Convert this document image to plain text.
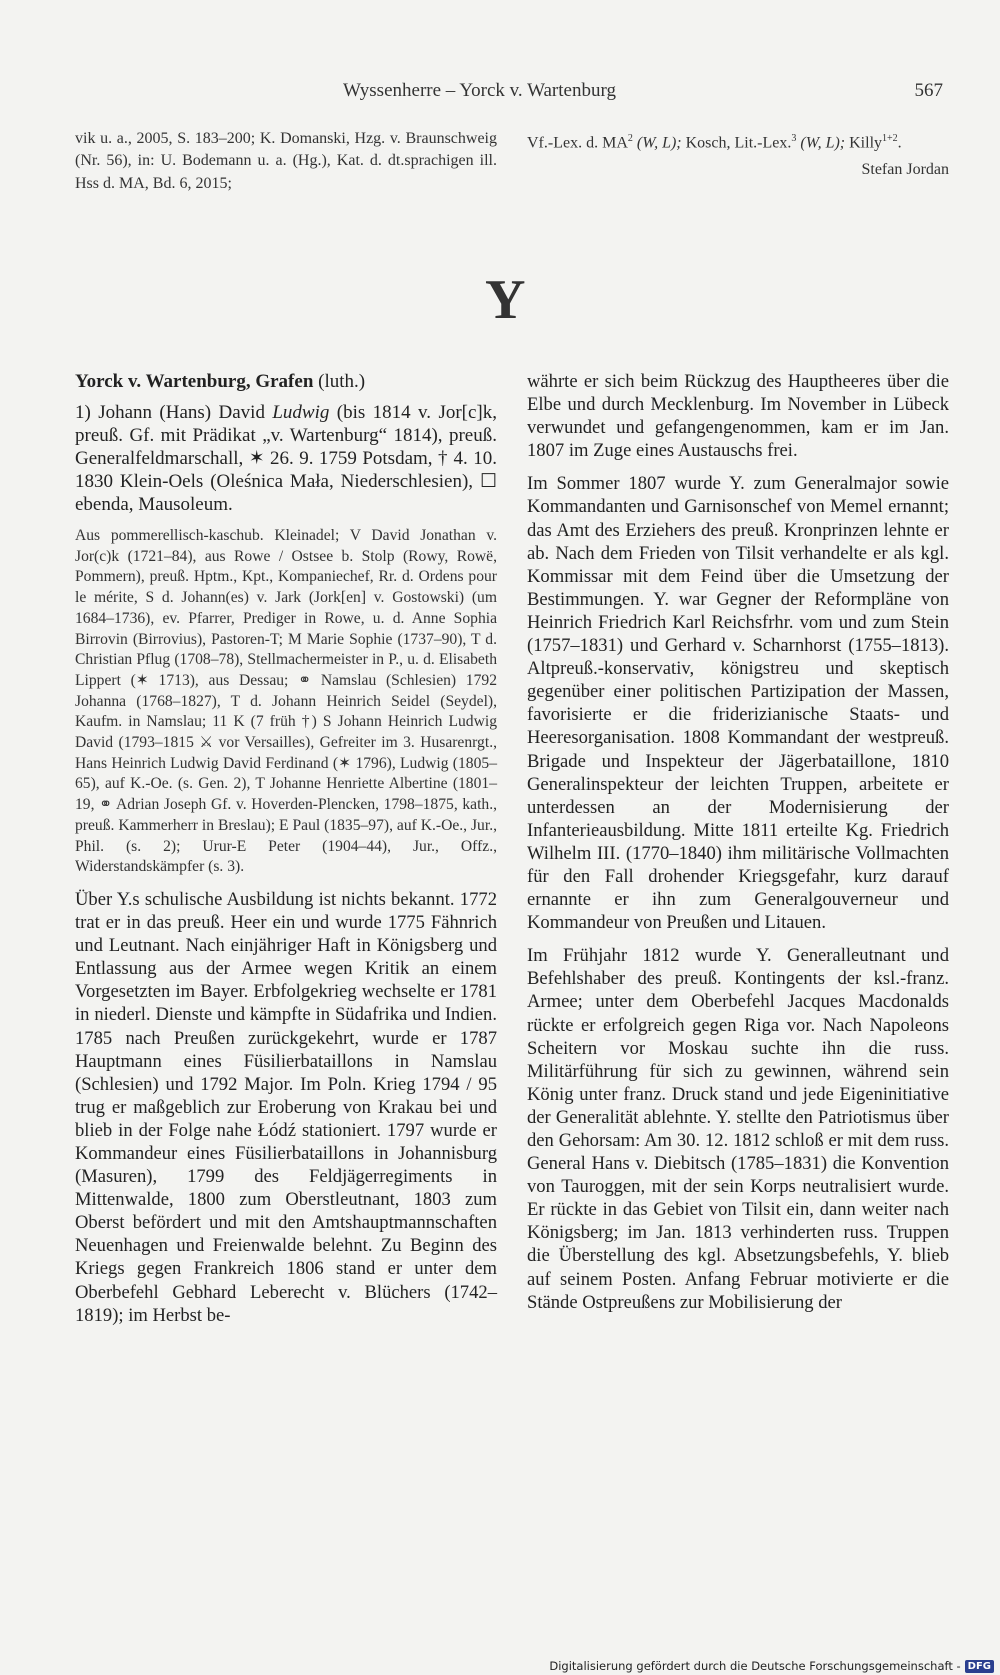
Wyssenherre – Yorck v. Wartenburg	567
vik u. a., 2005, S. 183–200; K. Domanski, Hzg. v. Braunschweig (Nr. 56), in: U. Bodemann u. a. (Hg.), Kat. d. dt.sprachigen ill. Hss d. MA, Bd. 6, 2015;
Vf.-Lex. d. $MA^2$ (W, L); Kosch, Lit.-Lex.$^3$ (W, L); Killy$^{1+2}$.
Stefan Jordan
Y
Yorck v. Wartenburg, Grafen (luth.)
1) Johann (Hans) David Ludwig (bis 1814 v. Jor[c]k, preuß. Gf. mit Prädikat „v. Wartenburg“ 1814), preuß. Generalfeldmarschall, ✶ 26. 9. 1759 Potsdam, † 4. 10. 1830 Klein-Oels (Oleśnica Mała, Niederschlesien), ☐ ebenda, Mausoleum.
Aus pommerellisch-kaschub. Kleinadel; V David Jonathan v. Jor(c)k (1721–84), aus Rowe / Ostsee b. Stolp (Rowy, Rowë, Pommern), preuß. Hptm., Kpt., Kompaniechef, Rr. d. Ordens pour le mérite, S d. Johann(es) v. Jark (Jork[en] v. Gostowski) (um 1684–1736), ev. Pfarrer, Prediger in Rowe, u. d. Anne Sophia Birrovin (Birrovius), Pastoren-T; M Marie Sophie (1737–90), T d. Christian Pflug (1708–78), Stellmachermeister in P., u. d. Elisabeth Lippert (✶ 1713), aus Dessau; ⚭ Namslau (Schlesien) 1792 Johanna (1768–1827), T d. Johann Heinrich Seidel (Seydel), Kaufm. in Namslau; 11 K (7 früh †) S Johann Heinrich Ludwig David (1793–1815 ⚔ vor Versailles), Gefreiter im 3. Husarenrgt., Hans Heinrich Ludwig David Ferdinand (✶ 1796), Ludwig (1805–65), auf K.-Oe. (s. Gen. 2), T Johanne Henriette Albertine (1801–19, ⚭ Adrian Joseph Gf. v. Hoverden-Plencken, 1798–1875, kath., preuß. Kammerherr in Breslau); E Paul (1835–97), auf K.-Oe., Jur., Phil. (s. 2); Urur-E Peter (1904–44), Jur., Offz., Widerstandskämpfer (s. 3).
Über Y.s schulische Ausbildung ist nichts bekannt. 1772 trat er in das preuß. Heer ein und wurde 1775 Fähnrich und Leutnant. Nach einjähriger Haft in Königsberg und Entlassung aus der Armee wegen Kritik an einem Vorgesetzten im Bayer. Erbfolgekrieg wechselte er 1781 in niederl. Dienste und kämpfte in Südafrika und Indien. 1785 nach Preußen zurückgekehrt, wurde er 1787 Hauptmann eines Füsilierbataillons in Namslau (Schlesien) und 1792 Major. Im Poln. Krieg 1794 / 95 trug er maßgeblich zur Eroberung von Krakau bei und blieb in der Folge nahe Łódź stationiert. 1797 wurde er Kommandeur eines Füsilierbataillons in Johannisburg (Masuren), 1799 des Feldjägerregiments in Mittenwalde, 1800 zum Oberstleutnant, 1803 zum Oberst befördert und mit den Amtshauptmannschaften Neuenhagen und Freienwalde belehnt. Zu Beginn des Kriegs gegen Frankreich 1806 stand er unter dem Oberbefehl Gebhard Leberecht v. Blüchers (1742–1819); im Herbst be-
währte er sich beim Rückzug des Hauptheeres über die Elbe und durch Mecklenburg. Im November in Lübeck verwundet und gefangengenommen, kam er im Jan. 1807 im Zuge eines Austauschs frei.
Im Sommer 1807 wurde Y. zum Generalmajor sowie Kommandanten und Garnisonschef von Memel ernannt; das Amt des Erziehers des preuß. Kronprinzen lehnte er ab. Nach dem Frieden von Tilsit verhandelte er als kgl. Kommissar mit dem Feind über die Umsetzung der Bestimmungen. Y. war Gegner der Reformpläne von Heinrich Friedrich Karl Reichsfrhr. vom und zum Stein (1757–1831) und Gerhard v. Scharnhorst (1755–1813). Altpreuß.-konservativ, königstreu und skeptisch gegenüber einer politischen Partizipation der Massen, favorisierte er die friderizianische Staats- und Heeresorganisation. 1808 Kommandant der westpreuß. Brigade und Inspekteur der Jägerbataillone, 1810 Generalinspekteur der leichten Truppen, arbeitete er unterdessen an der Modernisierung der Infanterieausbildung. Mitte 1811 erteilte Kg. Friedrich Wilhelm III. (1770–1840) ihm militärische Vollmachten für den Fall drohender Kriegsgefahr, kurz darauf ernannte er ihn zum Generalgouverneur und Kommandeur von Preußen und Litauen.
Im Frühjahr 1812 wurde Y. Generalleutnant und Befehlshaber des preuß. Kontingents der ksl.-franz. Armee; unter dem Oberbefehl Jacques Macdonalds rückte er erfolgreich gegen Riga vor. Nach Napoleons Scheitern vor Moskau suchte ihn die russ. Militärführung für sich zu gewinnen, während sein König unter franz. Druck stand und jede Eigeninitiative der Generalität ablehnte. Y. stellte den Patriotismus über den Gehorsam: Am 30. 12. 1812 schloß er mit dem russ. General Hans v. Diebitsch (1785–1831) die Konvention von Tauroggen, mit der sein Korps neutralisiert wurde. Er rückte in das Gebiet von Tilsit ein, dann weiter nach Königsberg; im Jan. 1813 verhinderten russ. Truppen die Überstellung des kgl. Absetzungsbefehls, Y. blieb auf seinem Posten. Anfang Februar motivierte er die Stände Ostpreußens zur Mobilisierung der
Digitalisierung gefördert durch die Deutsche Forschungsgemeinschaft - DFG
